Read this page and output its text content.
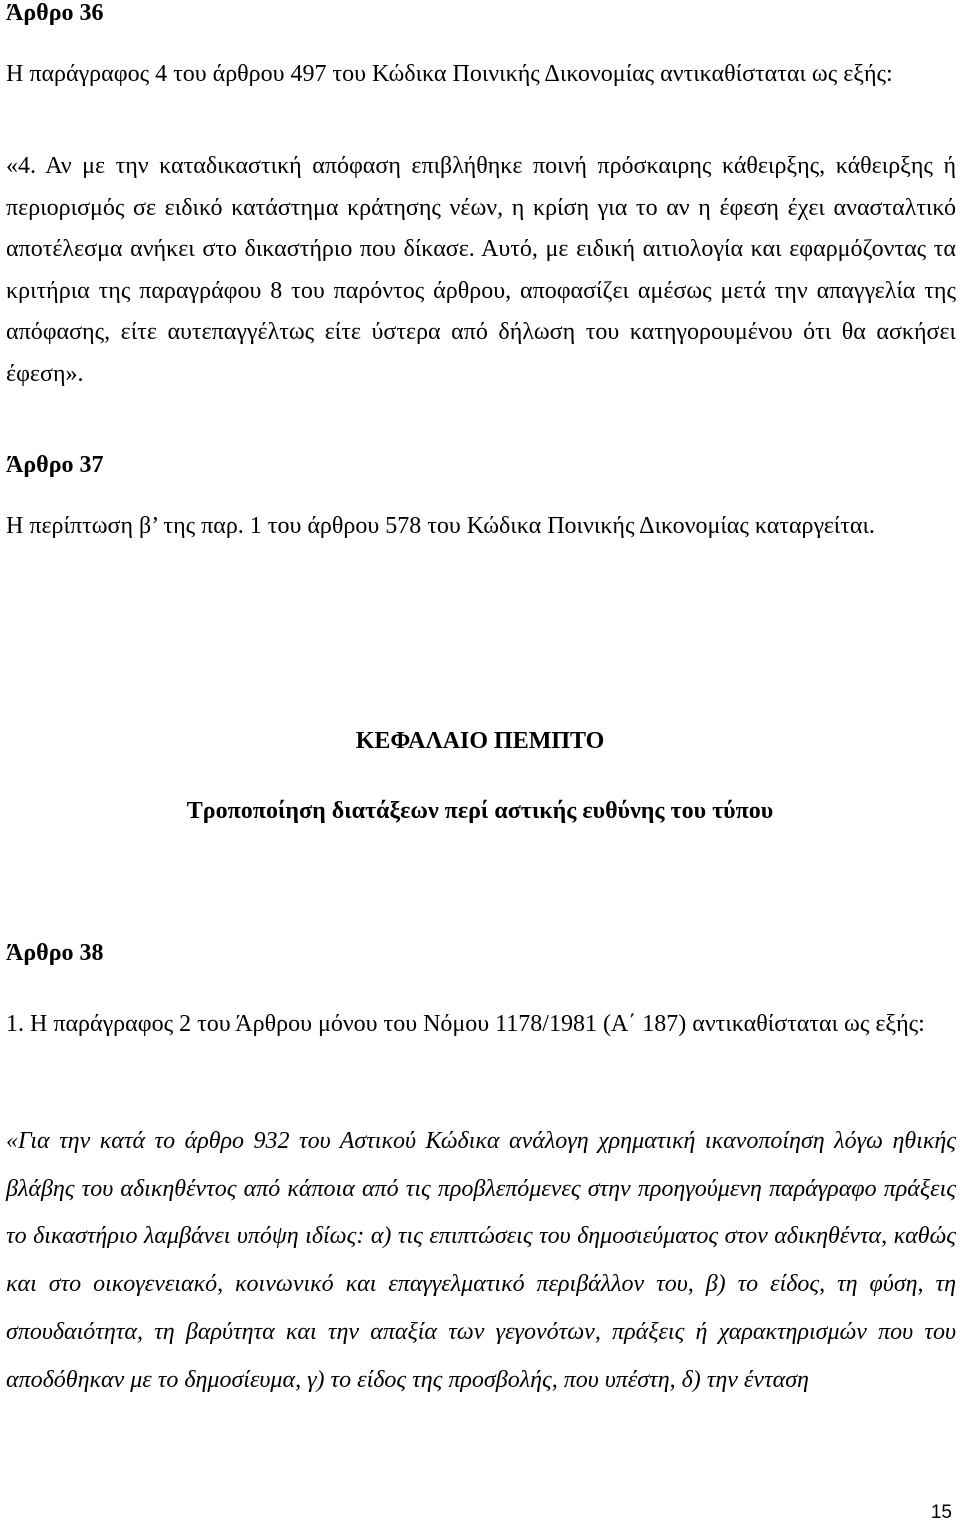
Άρθρο 36

Η παράγραφος 4 του άρθρου 497 του Κώδικα Ποινικής Δικονομίας αντικαθίσταται ως εξής:

«4. Αν με την καταδικαστική απόφαση επιβλήθηκε ποινή πρόσκαιρης κάθειρξης, κάθειρξης ή περιορισμός σε ειδικό κατάστημα κράτησης νέων, η κρίση για το αν η έφεση έχει ανασταλτικό αποτέλεσμα ανήκει στο δικαστήριο που δίκασε. Αυτό, με ειδική αιτιολογία και εφαρμόζοντας τα κριτήρια της παραγράφου 8 του παρόντος άρθρου, αποφασίζει αμέσως μετά την απαγγελία της απόφασης, είτε αυτεπαγγέλτως είτε ύστερα από δήλωση του κατηγορουμένου ότι θα ασκήσει έφεση».

Άρθρο 37

Η περίπτωση β’ της παρ. 1 του άρθρου 578 του Κώδικα Ποινικής Δικονομίας καταργείται.

ΚΕΦΑΛΑΙΟ ΠΕΜΠΤΟ
Τροποποίηση διατάξεων περί αστικής ευθύνης του τύπου
Άρθρο 38

1. Η παράγραφος 2 του Άρθρου μόνου του Νόμου 1178/1981 (Α΄ 187) αντικαθίσταται ως εξής:

«Για την κατά το άρθρο 932 του Αστικού Κώδικα ανάλογη χρηματική ικανοποίηση λόγω ηθικής βλάβης του αδικηθέντος από κάποια από τις προβλεπόμενες στην προηγούμενη παράγραφο πράξεις το δικαστήριο λαμβάνει υπόψη ιδίως: α) τις επιπτώσεις του δημοσιεύματος στον αδικηθέντα, καθώς και στο οικογενειακό, κοινωνικό και επαγγελματικό περιβάλλον του, β) το είδος, τη φύση, τη σπουδαιότητα, τη βαρύτητα και την απαξία των γεγονότων, πράξεις ή χαρακτηρισμών που του αποδόθηκαν με το δημοσίευμα, γ) το είδος της προσβολής, που υπέστη, δ) την ένταση

15
